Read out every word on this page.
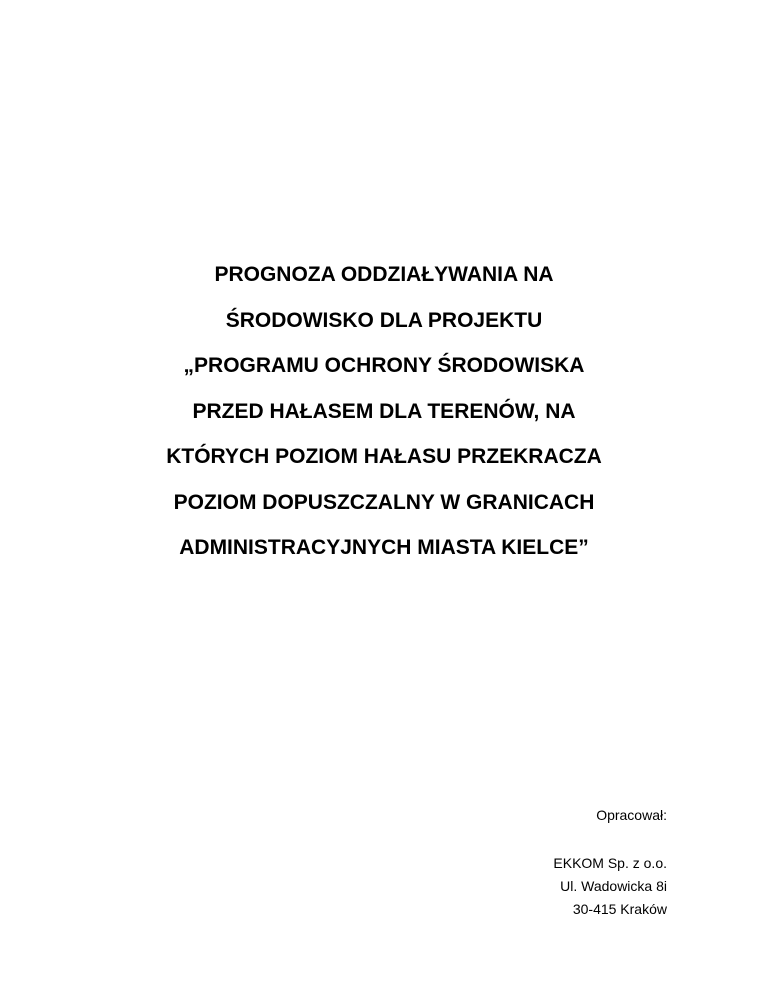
PROGNOZA ODDZIAŁYWANIA NA
ŚRODOWISKO DLA PROJEKTU
„PROGRAMU OCHRONY ŚRODOWISKA
PRZED HAŁASEM DLA TERENÓW, NA
KTÓRYCH POZIOM HAŁASU PRZEKRACZA
POZIOM DOPUSZCZALNY W GRANICACH
ADMINISTRACYJNYCH MIASTA KIELCE”
Opracował:
EKKOM Sp. z o.o.
Ul. Wadowicka 8i
30-415 Kraków
